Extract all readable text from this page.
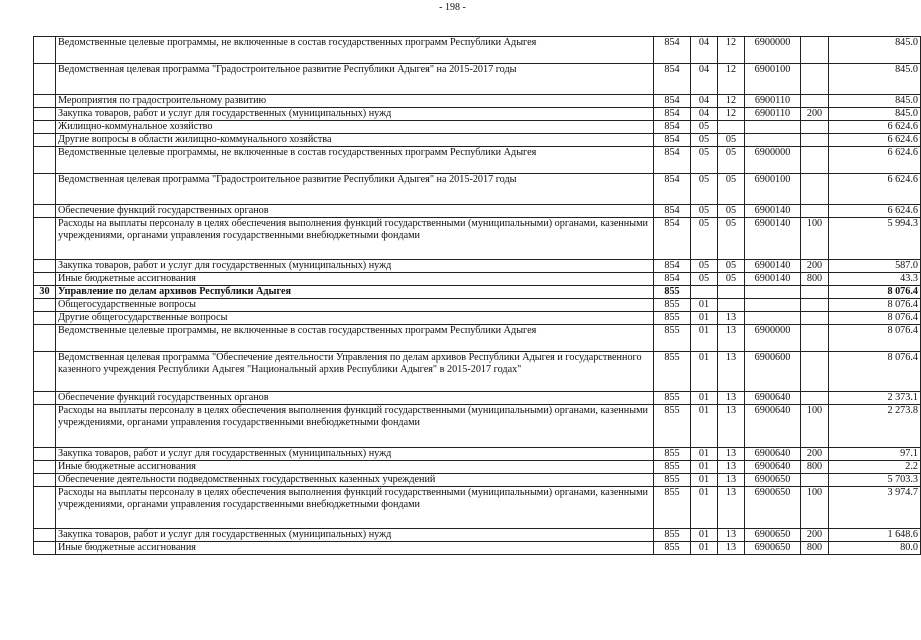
- 198 -
	Ведомственные целевые программы, не включенные в состав государственных программ Республики Адыгея	854	04	12	6900000		845.0
	Ведомственная целевая программа "Градостроительное развитие Республики Адыгея" на 2015-2017 годы	854	04	12	6900100		845.0
	Мероприятия по градостроительному развитию	854	04	12	6900110		845.0
	Закупка товаров, работ и услуг для государственных (муниципальных) нужд	854	04	12	6900110	200	845.0
	Жилищно-коммунальное хозяйство	854	05				6 624.6
	Другие вопросы в области жилищно-коммунального хозяйства	854	05	05			6 624.6
	Ведомственные целевые программы, не включенные в состав государственных программ Республики Адыгея	854	05	05	6900000		6 624.6
	Ведомственная целевая программа "Градостроительное развитие Республики Адыгея" на 2015-2017 годы	854	05	05	6900100		6 624.6
	Обеспечение функций государственных органов	854	05	05	6900140		6 624.6
	Расходы на выплаты персоналу в целях обеспечения выполнения функций государственными (муниципальными) органами, казенными учреждениями, органами управления государственными внебюджетными фондами	854	05	05	6900140	100	5 994.3
	Закупка товаров, работ и услуг для государственных (муниципальных) нужд	854	05	05	6900140	200	587.0
	Иные бюджетные ассигнования	854	05	05	6900140	800	43.3
30	Управление по делам архивов Республики Адыгея	855					8 076.4
	Общегосударственные вопросы	855	01				8 076.4
	Другие общегосударственные вопросы	855	01	13			8 076.4
	Ведомственные целевые программы, не включенные в состав государственных программ Республики Адыгея	855	01	13	6900000		8 076.4
	Ведомственная целевая программа "Обеспечение деятельности Управления по делам архивов Республики Адыгея и государственного казенного учреждения Республики Адыгея "Национальный архив Республики Адыгея" в 2015-2017 годах"	855	01	13	6900600		8 076.4
	Обеспечение функций государственных органов	855	01	13	6900640		2 373.1
	Расходы на выплаты персоналу в целях обеспечения выполнения функций государственными (муниципальными) органами, казенными учреждениями, органами управления государственными внебюджетными фондами	855	01	13	6900640	100	2 273.8
	Закупка товаров, работ и услуг для государственных (муниципальных) нужд	855	01	13	6900640	200	97.1
	Иные бюджетные ассигнования	855	01	13	6900640	800	2.2
	Обеспечение деятельности подведомственных государственных казенных учреждений	855	01	13	6900650		5 703.3
	Расходы на выплаты персоналу в целях обеспечения выполнения функций государственными (муниципальными) органами, казенными учреждениями, органами управления государственными внебюджетными фондами	855	01	13	6900650	100	3 974.7
	Закупка товаров, работ и услуг для государственных (муниципальных) нужд	855	01	13	6900650	200	1 648.6
	Иные бюджетные ассигнования	855	01	13	6900650	800	80.0
